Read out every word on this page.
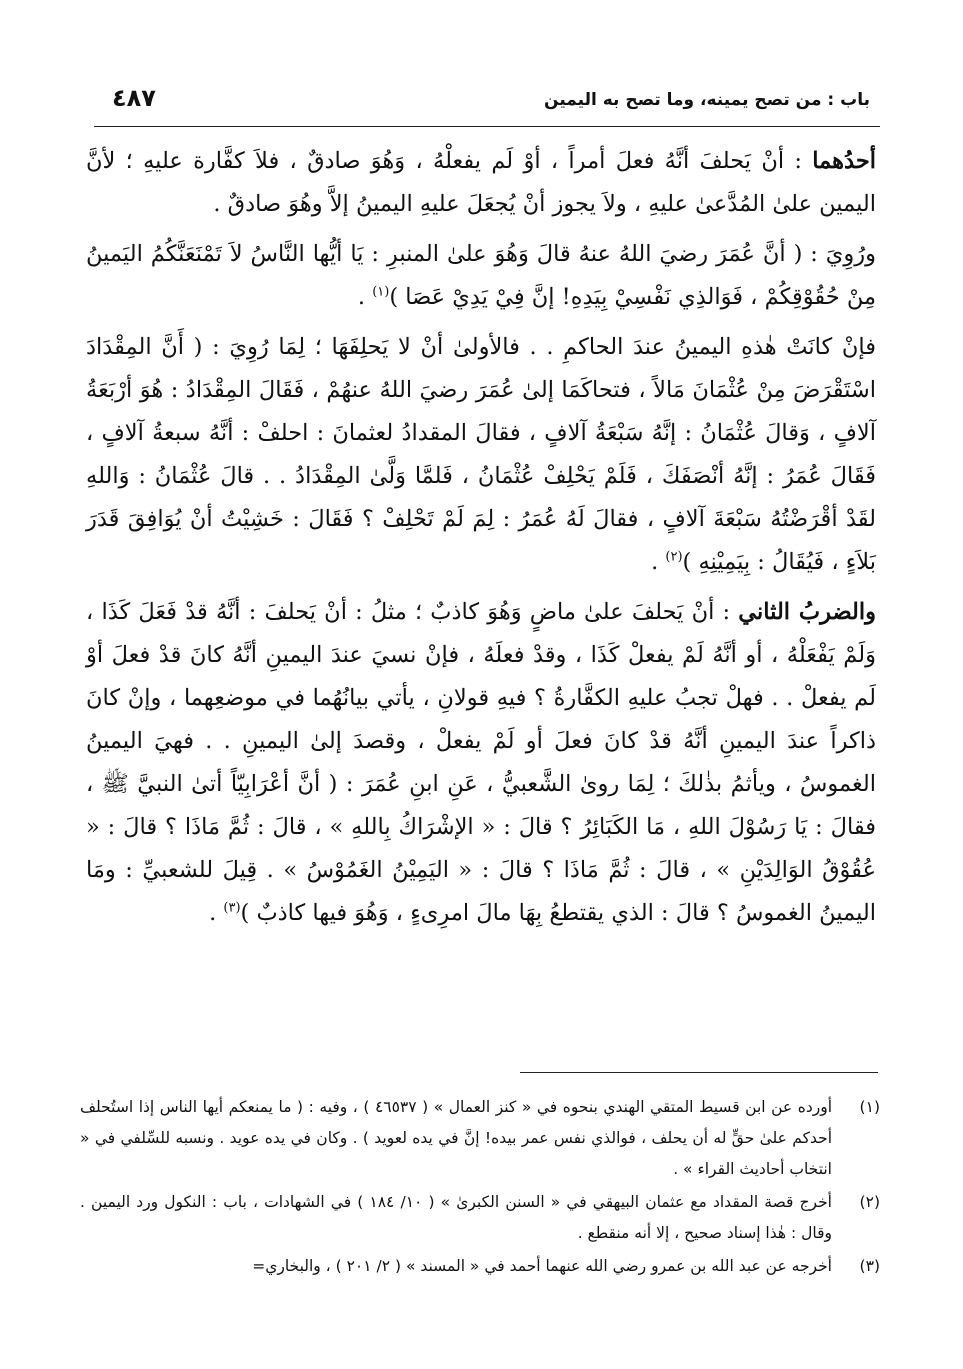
باب : من تصح يمينه، وما تصح به اليمين
٤٨٧

أحدُهما : أنْ يَحلفَ أنَّهُ فعلَ أمراً ، أوْ لَم يفعلْهُ ، وَهُوَ صادقٌ ، فلاَ كفَّارة عليهِ ؛ لأنَّ اليمين علىٰ المُدَّعىٰ عليهِ ، ولاَ يجوز أنْ يُجعَلَ عليهِ اليمينُ إلاَّ وهُوَ صادقٌ .

ورُوِيَ : ( أنَّ عُمَرَ رضيَ اللهُ عنهُ قالَ وَهُوَ علىٰ المنبرِ : يَا أيُّها النَّاسُ لاَ تَمْنَعَنَّكُمُ اليَمينُ مِنْ حُقُوْقِكُمْ ، فَوَالذِي نَفْسِيْ بِيَدِهِ! إنَّ فِيْ يَدِيْ عَصَا )$^{(١)}$ .

فإنْ كانَتْ هٰذهِ اليمينُ عندَ الحاكمِ . . فالأولىٰ أنْ لا يَحلِفَهَا ؛ لِمَا رُوِيَ : ( أَنَّ المِقْدَادَ اسْتَقْرَضَ مِنْ عُثْمَانَ مَالاً ، فتحاكَمَا إلىٰ عُمَرَ رضيَ اللهُ عنهُمْ ، فَقَالَ المِقْدَادُ : هُوَ أرْبَعَةُ آلافٍ ، وَقالَ عُثْمَانُ : إنَّهُ سَبْعَةُ آلافٍ ، فقالَ المقدادُ لعثمانَ : احلفْ : أنَّهُ سبعةُ آلافٍ ، فَقَالَ عُمَرُ : إنَّهُ أنْصَفَكَ ، فَلَمْ يَحْلِفْ عُثْمَانُ ، فَلمَّا وَلَّىٰ المِقْدَادُ . . قالَ عُثْمَانُ : وَاللهِ لقَدْ أقْرَضْتُهُ سَبْعَةَ آلافٍ ، فقالَ لَهُ عُمَرُ : لِمَ لَمْ تَحْلِفْ ؟ فَقَالَ : خَشِيْتُ أنْ يُوَافِقَ قَدَرَ بَلاَءٍ ، فَيُقَالُ : بِيَمِيْنِهِ )$^{(٢)}$ .

والضربُ الثاني : أنْ يَحلفَ علىٰ ماضٍ وَهُوَ كاذبٌ ؛ مثلُ : أنْ يَحلفَ : أنَّهُ قدْ فَعَلَ كَذَا ، وَلَمْ يَفْعَلْهُ ، أو أنَّهُ لَمْ يفعلْ كَذَا ، وقدْ فعلَهُ ، فإنْ نسيَ عندَ اليمينِ أنَّهُ كانَ قدْ فعلَ أوْ لَم يفعلْ . . فهلْ تجبُ عليهِ الكفَّارةُ ؟ فيهِ قولانِ ، يأتي بيانُهُما في موضعِهما ، وإنْ كانَ ذاكراً عندَ اليمينِ أنَّهُ قدْ كانَ فعلَ أو لَمْ يفعلْ ، وقصدَ إلىٰ اليمينِ . . فهيَ اليمينُ الغموسُ ، ويأثمُ بذٰلكَ ؛ لِمَا روىٰ الشَّعبيُّ ، عَنِ ابنِ عُمَرَ : ( أنَّ أعْرَابِيّاً أتىٰ النبيَّ ﷺ ، فقالَ : يَا رَسُوْلَ اللهِ ، مَا الكَبَائِرُ ؟ قالَ : « الإشْرَاكُ بِاللهِ » ، قالَ : ثُمَّ مَاذَا ؟ قالَ : « عُقُوْقُ الوَالِدَيْنِ » ، قالَ : ثُمَّ مَاذَا ؟ قالَ : « اليَمِيْنُ الغَمُوْسُ » . قِيلَ للشعبيِّ : ومَا اليمينُ الغموسُ ؟ قالَ : الذي يقتطعُ بِهَا مالَ امرِىءٍ ، وَهُوَ فيها كاذبٌ )$^{(٣)}$ .

(١)
أورده عن ابن قسيط المتقي الهندي بنحوه في « كنز العمال » ( ٤٦٥٣٧ ) ، وفيه : ( ما يمنعكم أيها الناس إذا استُحلف أحدكم علىٰ حقٍّ له أن يحلف ، فوالذي نفس عمر بيده! إنَّ في يده لعويد ) . وكان في يده عويد . ونسبه للسِّلفي في « انتخاب أحاديث القراء » .
(٢)
أخرج قصة المقداد مع عثمان البيهقي في « السنن الكبرىٰ » ( ١٠/ ١٨٤ ) في الشهادات ، باب : النكول ورد اليمين . وقال : هٰذا إسناد صحيح ، إلا أنه منقطع .
(٣)
أخرجه عن عبد الله بن عمرو رضي الله عنهما أحمد في « المسند » ( ٢/ ٢٠١ ) ، والبخاري=
